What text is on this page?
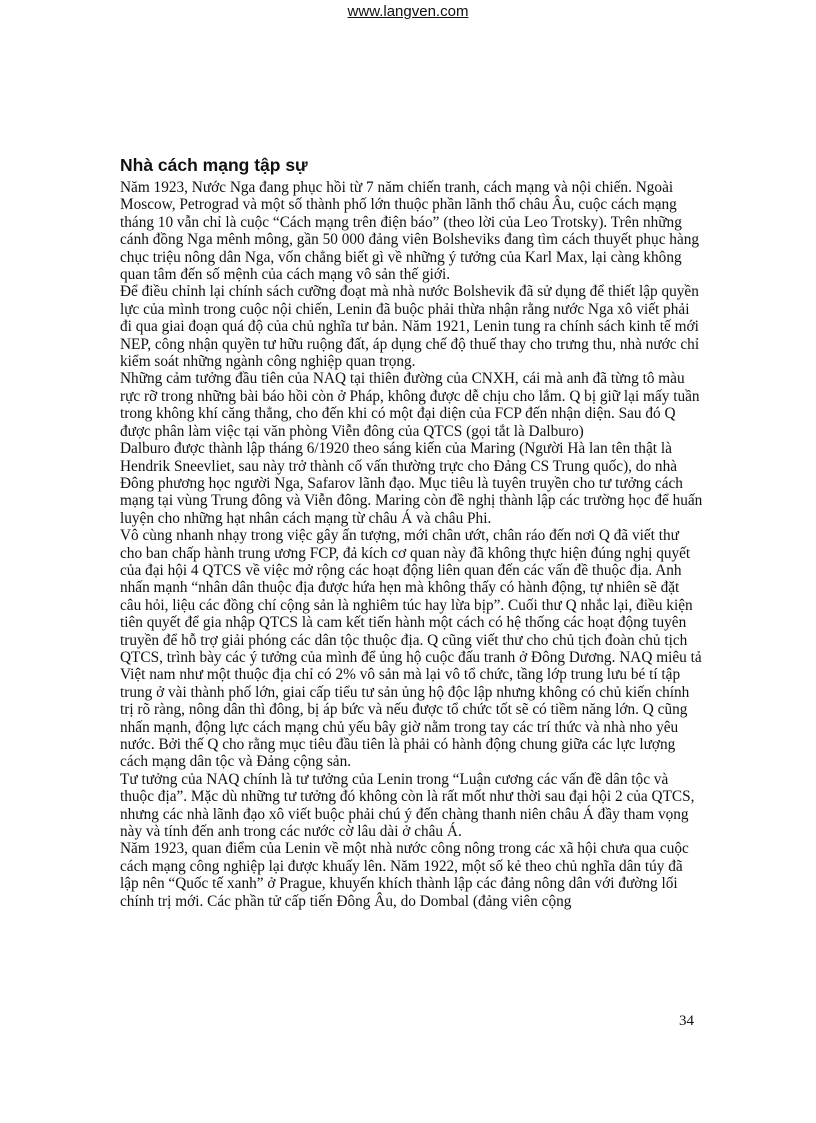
www.langven.com
Nhà cách mạng tập sự

Năm 1923, Nước Nga đang phục hồi từ 7 năm chiến tranh, cách mạng và nội chiến. Ngoài Moscow, Petrograd và một số thành phố lớn thuộc phần lãnh thổ châu Âu, cuộc cách mạng tháng 10 vẫn chỉ là cuộc “Cách mạng trên điện báo” (theo lời của Leo Trotsky). Trên những cánh đồng Nga mênh mông, gần 50 000 đảng viên Bolsheviks đang tìm cách thuyết phục hàng chục triệu nông dân Nga, vốn chẳng biết gì về những ý tưởng của Karl Max, lại càng không quan tâm đến số mệnh của cách mạng vô sản thế giới.

Để điều chỉnh lại chính sách cưỡng đoạt mà nhà nước Bolshevik đã sử dụng để thiết lập quyền lực của mình trong cuộc nội chiến, Lenin đã buộc phải thừa nhận rằng nước Nga xô viết phải đi qua giai đoạn quá độ của chủ nghĩa tư bản. Năm 1921, Lenin tung ra chính sách kinh tế mới NEP, công nhận quyền tư hữu ruộng đất, áp dụng chế độ thuế thay cho trưng thu, nhà nước chỉ kiểm soát những ngành công nghiệp quan trọng.

Những cảm tưởng đầu tiên của NAQ tại thiên đường của CNXH, cái mà anh đã từng tô màu rực rỡ trong những bài báo hồi còn ở Pháp, không được dễ chịu cho lắm. Q bị giữ lại mấy tuần trong không khí căng thẳng, cho đến khi có một đại diện của FCP đến nhận diện. Sau đó Q được phân làm việc tại văn phòng Viễn đông của QTCS (gọi tắt là Dalburo)

Dalburo được thành lập tháng 6/1920 theo sáng kiến của Maring (Người Hà lan tên thật là Hendrik Sneevliet, sau này trở thành cố vấn thường trực cho Đảng CS Trung quốc), do nhà Đông phương học người Nga, Safarov lãnh đạo. Mục tiêu là tuyên truyền cho tư tưởng cách mạng tại vùng Trung đông và Viễn đông. Maring còn đề nghị thành lập các trường học để huấn luyện cho những hạt nhân cách mạng từ châu Á và châu Phi.

Vô cùng nhanh nhạy trong việc gây ấn tượng, mới chân ướt, chân ráo đến nơi Q đã viết thư cho ban chấp hành trung ương FCP, đả kích cơ quan này đã không thực hiện đúng nghị quyết của đại hội 4 QTCS về việc mở rộng các hoạt động liên quan đến các vấn đề thuộc địa. Anh nhấn mạnh “nhân dân thuộc địa được hứa hẹn mà không thấy có hành động, tự nhiên sẽ đặt câu hỏi, liệu các đồng chí cộng sản là nghiêm túc hay lừa bịp”. Cuối thư Q nhắc lại, điều kiện tiên quyết để gia nhập QTCS là cam kết tiến hành một cách có hệ thống các hoạt động tuyên truyền để hỗ trợ giải phóng các dân tộc thuộc địa. Q cũng viết thư cho chủ tịch đoàn chủ tịch QTCS, trình bày các ý tưởng của mình để ủng hộ cuộc đấu tranh ở Đông Dương. NAQ miêu tả Việt nam như một thuộc địa chỉ có 2% vô sản mà lại vô tổ chức, tầng lớp trung lưu bé tí tập trung ở vài thành phố lớn, giai cấp tiểu tư sản ủng hộ độc lập nhưng không có chủ kiến chính trị rõ ràng, nông dân thì đông, bị áp bức và nếu được tổ chức tốt sẽ có tiềm năng lớn. Q cũng nhấn mạnh, động lực cách mạng chủ yếu bây giờ nằm trong tay các trí thức và nhà nho yêu nước. Bởi thế Q cho rằng mục tiêu đầu tiên là phải có hành động chung giữa các lực lượng cách mạng dân tộc và Đảng cộng sản.

Tư tưởng của NAQ chính là tư tưởng của Lenin trong “Luận cương các vấn đề dân tộc và thuộc địa”. Mặc dù những tư tưởng đó không còn là rất mốt như thời sau đại hội 2 của QTCS, nhưng các nhà lãnh đạo xô viết buộc phải chú ý đến chàng thanh niên châu Á đầy tham vọng này và tính đến anh trong các nước cờ lâu dài ở châu Á.

Năm 1923, quan điểm của Lenin về một nhà nước công nông trong các xã hội chưa qua cuộc cách mạng công nghiệp lại được khuấy lên. Năm 1922, một số kẻ theo chủ nghĩa dân túy đã lập nên “Quốc tế xanh” ở Prague, khuyến khích thành lập các đảng nông dân với đường lối chính trị mới. Các phần tử cấp tiến Đông Âu, do Dombal (đảng viên cộng

34
